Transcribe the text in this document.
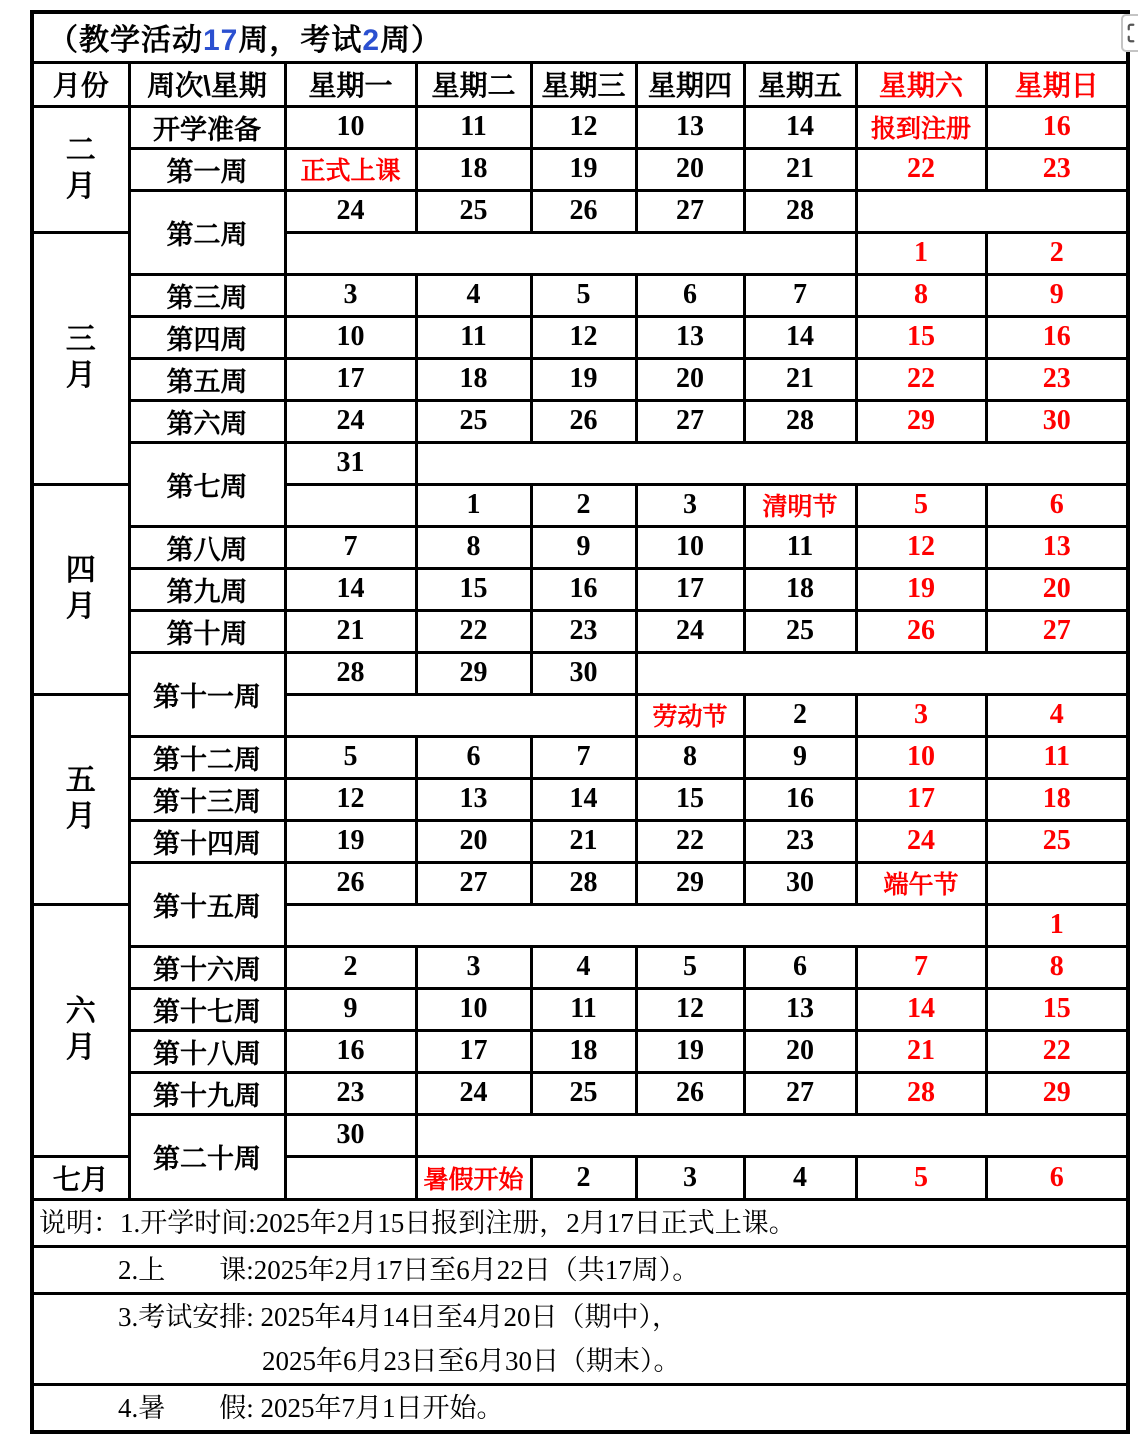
（教学活动17周，考试2周）								
月份	周次\星期	星期一	星期二	星期三	星期四	星期五	星期六	星期日

二
月	开学准备	10	11	12	13	14	报到注册	16
	第一周	正式上课	18	19	20	21	22	23
	第二周	24	25	26	27	28		

三
月							1	2
	第三周	3	4	5	6	7	8	9
	第四周	10	11	12	13	14	15	16
	第五周	17	18	19	20	21	22	23
	第六周	24	25	26	27	28	29	30
	第七周	31						

四
月			1	2	3	清明节	5	6
	第八周	7	8	9	10	11	12	13
	第九周	14	15	16	17	18	19	20
	第十周	21	22	23	24	25	26	27
	第十一周	28	29	30				

五
月					劳动节	2	3	4
	第十二周	5	6	7	8	9	10	11
	第十三周	12	13	14	15	16	17	18
	第十四周	19	20	21	22	23	24	25
	第十五周	26	27	28	29	30	端午节	

六
月								1
	第十六周	2	3	4	5	6	7	8
	第十七周	9	10	11	12	13	14	15
	第十八周	16	17	18	19	20	21	22
	第十九周	23	24	25	26	27	28	29
	第二十周	30						
七月			暑假开始	2	3	4	5	6

说明：1.开学时间:2025年2月15日报到注册，2月17日正式上课。								

2.上　　课:2025年2月17日至6月22日（共17周）。								

3.考试安排: 2025年4月14日至4月20日（期中），
2025年6月23日至6月30日（期末）。								

4.暑　　假: 2025年7月1日开始。								
